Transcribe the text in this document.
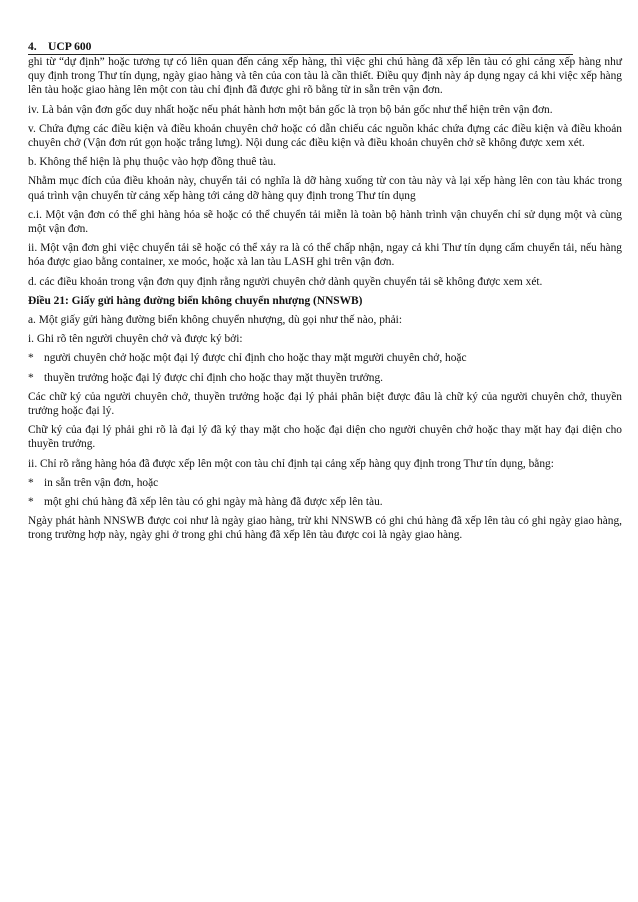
4. UCP 600

ghi từ “dự định” hoặc tương tự có liên quan đến cảng xếp hàng, thì việc ghi chú hàng đã xếp lên tàu có ghi cảng xếp hàng như quy định trong Thư tín dụng, ngày giao hàng và tên của con tàu là cần thiết. Điều quy định này áp dụng ngay cả khi việc xếp hàng lên tàu hoặc giao hàng lên một con tàu chỉ định đã được ghi rõ bằng từ in sẵn trên vận đơn.

iv. Là bản vận đơn gốc duy nhất hoặc nếu phát hành hơn một bản gốc là trọn bộ bản gốc như thể hiện trên vận đơn.

v. Chứa đựng các điều kiện và điều khoản chuyên chở hoặc có dẫn chiếu các nguồn khác chứa đựng các điều kiện và điều khoản chuyên chở (Vận đơn rút gọn hoặc trắng lưng). Nội dung các điều kiện và điều khoản chuyên chở sẽ không được xem xét.

b. Không thể hiện là phụ thuộc vào hợp đồng thuê tàu.

Nhằm mục đích của điều khoản này, chuyển tải có nghĩa là dỡ hàng xuống từ con tàu này và lại xếp hàng lên con tàu khác trong quá trình vận chuyển từ cảng xếp hàng tới cảng dỡ hàng quy định trong Thư tín dụng

c.i. Một vận đơn có thể ghi hàng hóa sẽ hoặc có thể chuyển tải miễn là toàn bộ hành trình vận chuyển chỉ sử dụng một và cùng một vận đơn.

ii. Một vận đơn ghi việc chuyển tải sẽ hoặc có thể xảy ra là có thể chấp nhận, ngay cả khi Thư tín dụng cấm chuyển tải, nếu hàng hóa được giao bằng container, xe moóc, hoặc xà lan tàu LASH ghi trên vận đơn.

d. các điều khoản trong vận đơn quy định rằng người chuyên chở dành quyền chuyển tải sẽ không được xem xét.

Điều 21: Giấy gửi hàng đường biển không chuyển nhượng (NNSWB)

a. Một giấy gửi hàng đường biển không chuyển nhượng, dù gọi như thế nào, phải:

i. Ghi rõ tên người chuyên chở và được ký bởi:

* người chuyên chở hoặc một đại lý được chỉ định cho hoặc thay mặt mgười chuyên chở, hoặc
* thuyền trưởng hoặc đại lý được chỉ định cho hoặc thay mặt thuyền trưởng.

Các chữ ký của người chuyên chở, thuyền trưởng hoặc đại lý phải phân biệt được đâu là chữ ký của người chuyên chở, thuyền trưởng hoặc đại lý.

Chữ ký của đại lý phải ghi rõ là đại lý đã ký thay mặt cho hoặc đại diện cho người chuyên chở hoặc thay mặt hay đại diện cho thuyền trưởng.

ii. Chỉ rõ rằng hàng hóa đã được xếp lên một con tàu chỉ định tại cảng xếp hàng quy định trong Thư tín dụng, bằng:

* in sẵn trên vận đơn, hoặc
* một ghi chú hàng đã xếp lên tàu có ghi ngày mà hàng đã được xếp lên tàu.

Ngày phát hành NNSWB được coi như là ngày giao hàng, trừ khi NNSWB có ghi chú hàng đã xếp lên tàu có ghi ngày giao hàng, trong trường hợp này, ngày ghi ở trong ghi chú hàng đã xếp lên tàu được coi là ngày giao hàng.
